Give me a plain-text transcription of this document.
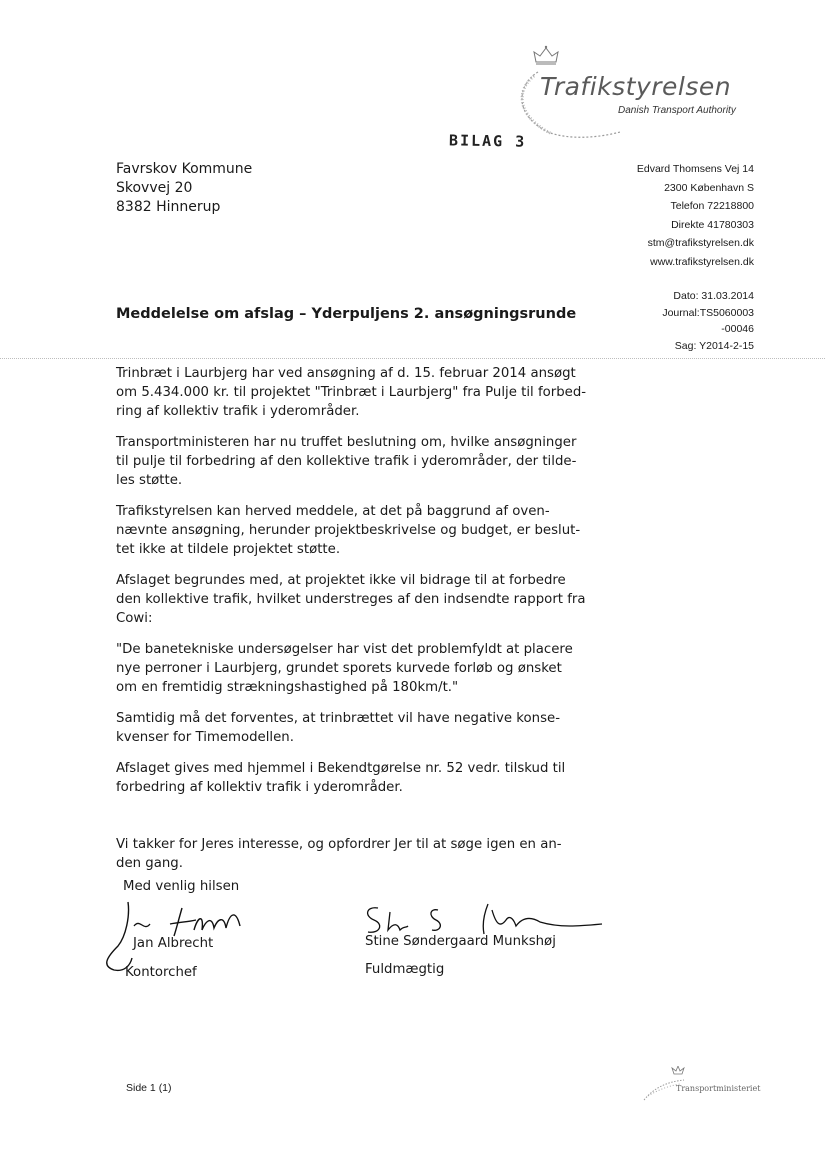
Trafikstyrelsen
Danish Transport Authority
BILAG 3
Favrskov Kommune
Skovvej 20
8382 Hinnerup
Edvard Thomsens Vej 14
2300 København S
Telefon 72218800
Direkte 41780303
stm@trafikstyrelsen.dk
www.trafikstyrelsen.dk
Dato: 31.03.2014
Journal:TS5060003
-00046
Sag: Y2014-2-15
Meddelelse om afslag – Yderpuljens 2. ansøgningsrunde

Trinbræt i Laurbjerg har ved ansøgning af d. 15. februar 2014 ansøgt
om 5.434.000 kr. til projektet "Trinbræt i Laurbjerg" fra Pulje til forbed-
ring af kollektiv trafik i yderområder.

Transportministeren har nu truffet beslutning om, hvilke ansøgninger
til pulje til forbedring af den kollektive trafik i yderområder, der tilde-
les støtte.

Trafikstyrelsen kan herved meddele, at det på baggrund af oven-
nævnte ansøgning, herunder projektbeskrivelse og budget, er beslut-
tet ikke at tildele projektet støtte.

Afslaget begrundes med, at projektet ikke vil bidrage til at forbedre
den kollektive trafik, hvilket understreges af den indsendte rapport fra
Cowi:

"De banetekniske undersøgelser har vist det problemfyldt at placere
nye perroner i Laurbjerg, grundet sporets kurvede forløb og ønsket
om en fremtidig strækningshastighed på 180km/t."

Samtidig må det forventes, at trinbrættet vil have negative konse-
kvenser for Timemodellen.

Afslaget gives med hjemmel i Bekendtgørelse nr. 52 vedr. tilskud til
forbedring af kollektiv trafik i yderområder.

Vi takker for Jeres interesse, og opfordrer Jer til at søge igen en an-
den gang.

Med venlig hilsen
Jan Albrecht
Kontorchef
Stine Søndergaard Munkshøj
Fuldmægtig
Side 1 (1)	Transportministeriet
